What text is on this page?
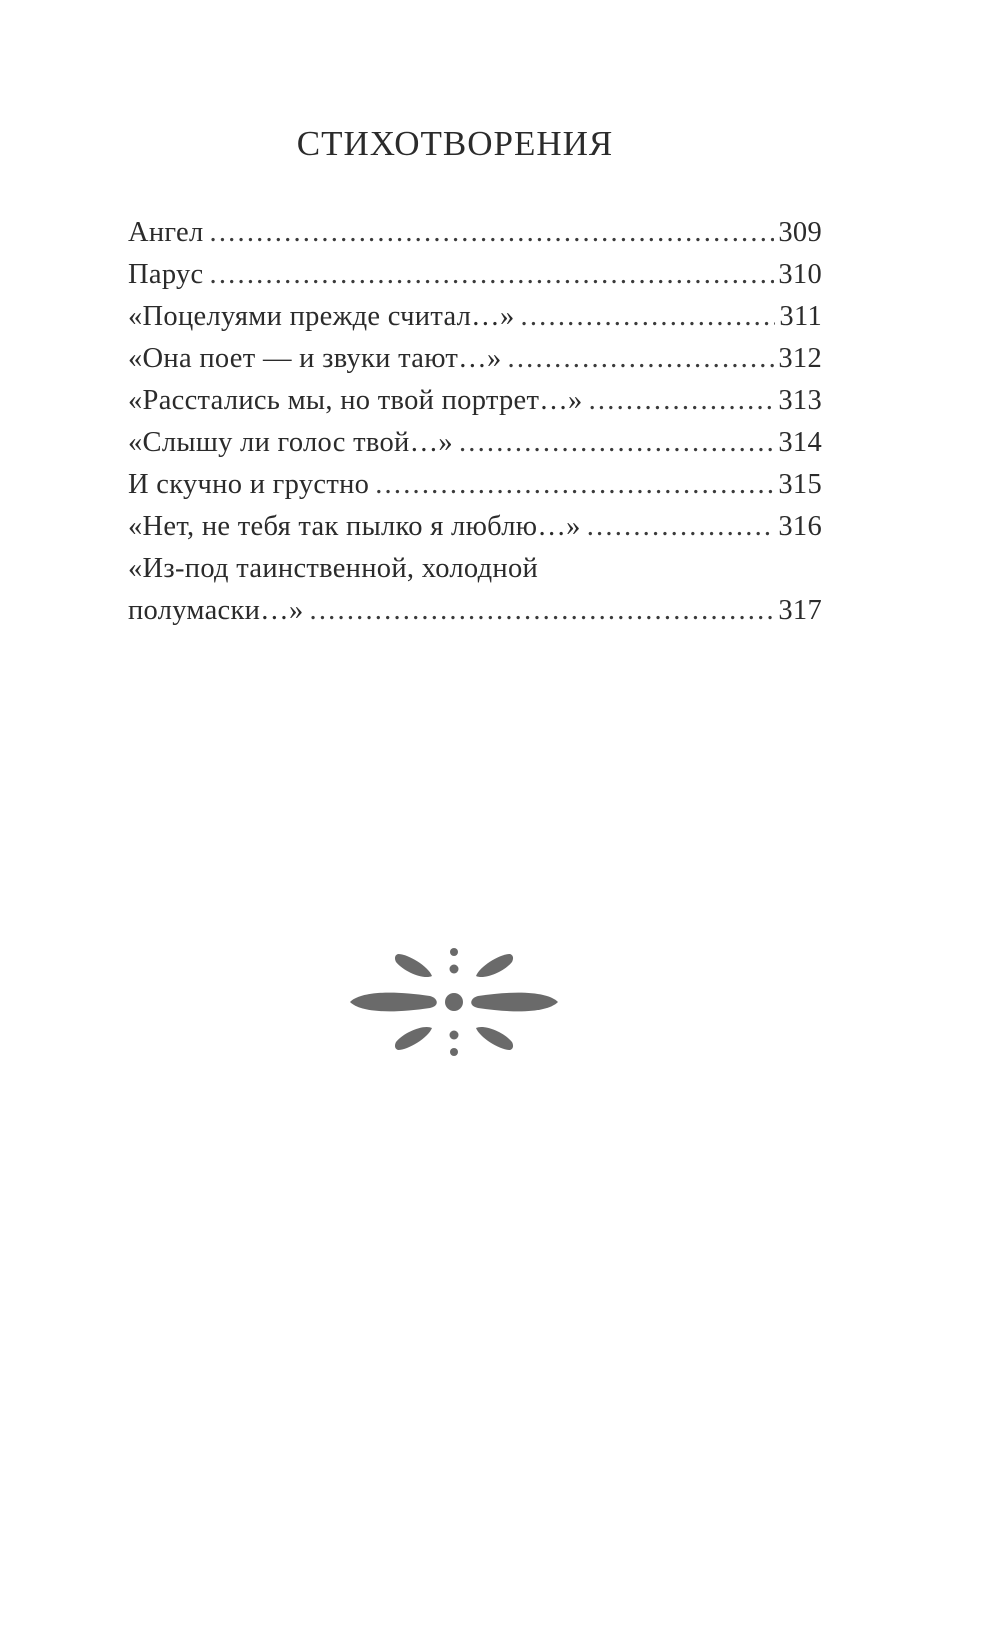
СТИХОТВОРЕНИЯ
Ангел .....	309
Парус .....	310
«Поцелуями прежде считал…» .....	311
«Она поет — и звуки тают…» .....	312
«Расстались мы, но твой портрет…» .....	313
«Слышу ли голос твой…» .....	314
И скучно и грустно .....	315
«Нет, не тебя так пылко я люблю…» .....	316
«Из-под таинственной, холодной
полумаски…» .....	317
